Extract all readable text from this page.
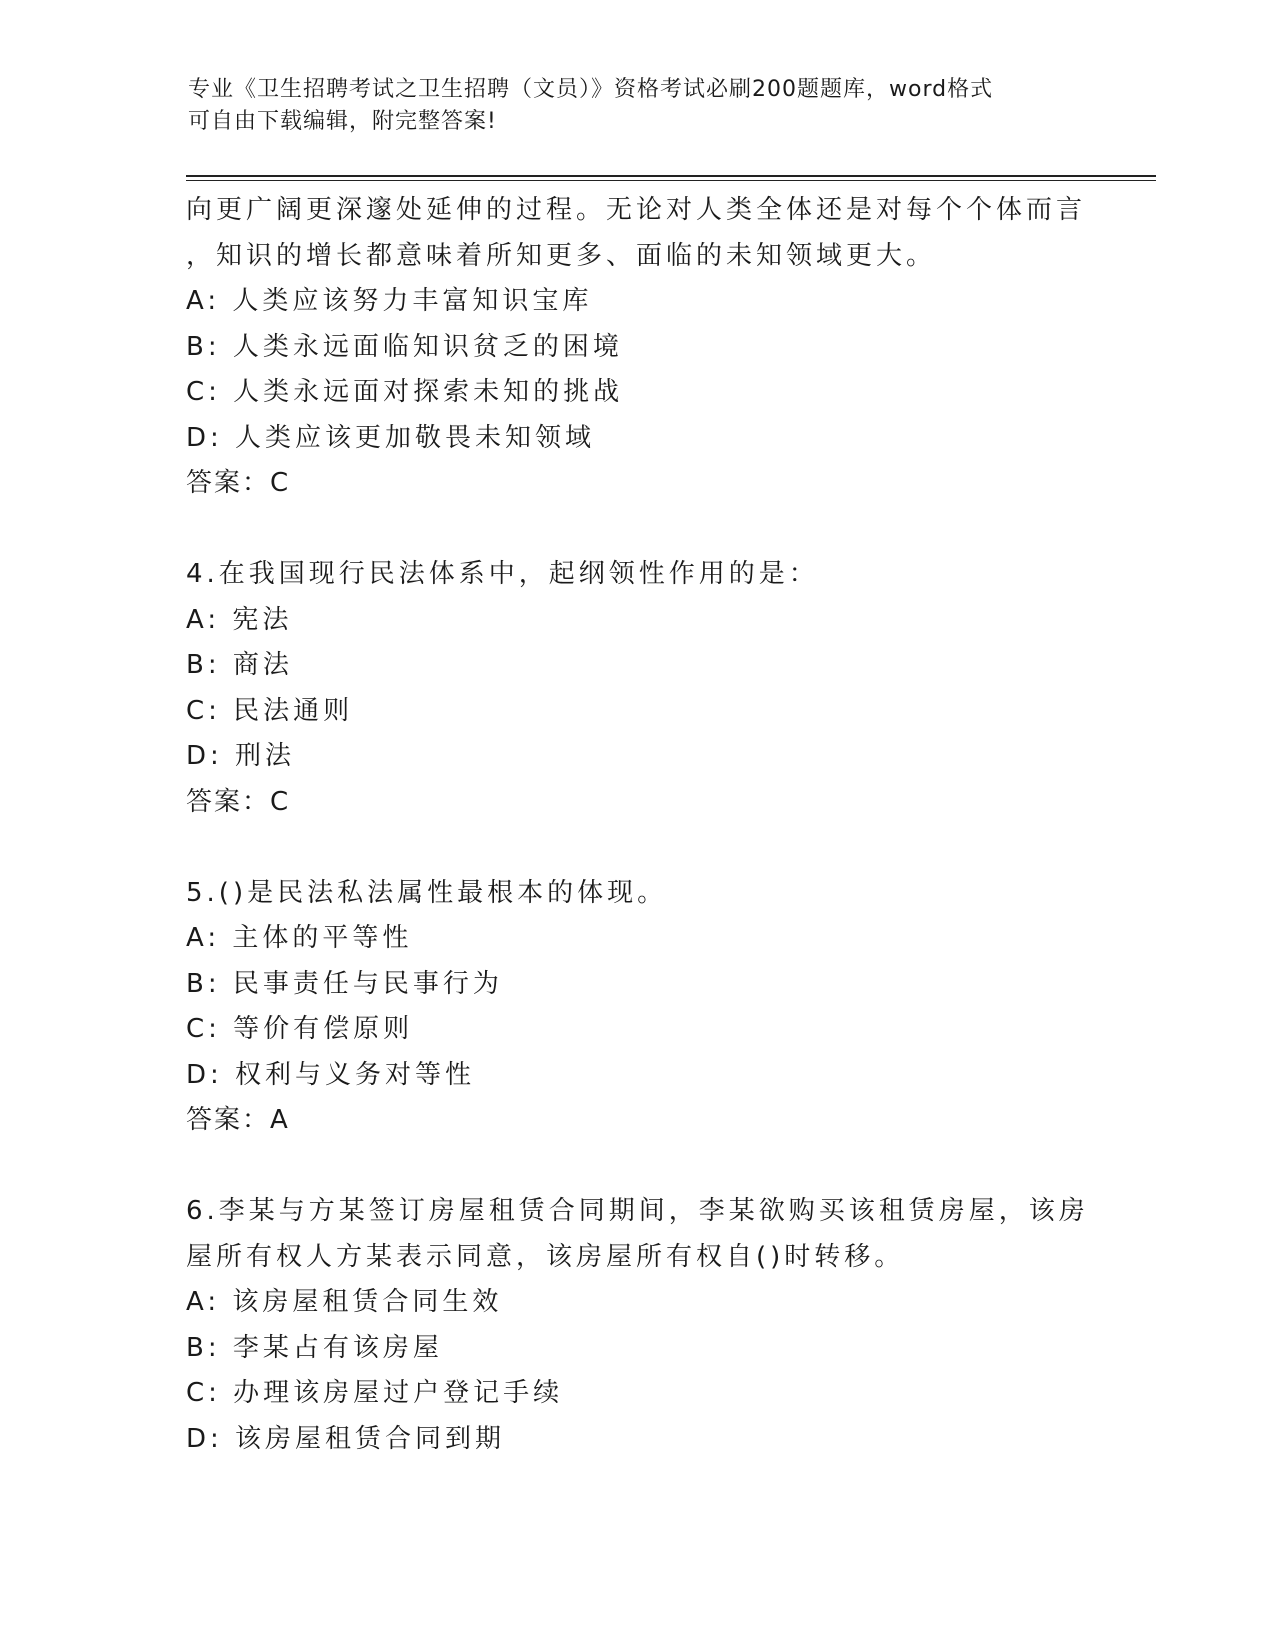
专业《卫生招聘考试之卫生招聘（文员）》资格考试必刷200题题库，word格式
可自由下载编辑，附完整答案!
向更广阔更深邃处延伸的过程。无论对人类全体还是对每个个体而言
，知识的增长都意味着所知更多、面临的未知领域更大。
A: 人类应该努力丰富知识宝库
B: 人类永远面临知识贫乏的困境
C: 人类永远面对探索未知的挑战
D: 人类应该更加敬畏未知领域
答案：C
4.在我国现行民法体系中，起纲领性作用的是：
A: 宪法
B: 商法
C: 民法通则
D: 刑法
答案：C
5.()是民法私法属性最根本的体现。
A: 主体的平等性
B: 民事责任与民事行为
C: 等价有偿原则
D: 权利与义务对等性
答案：A
6.李某与方某签订房屋租赁合同期间，李某欲购买该租赁房屋，该房
屋所有权人方某表示同意，该房屋所有权自()时转移。
A: 该房屋租赁合同生效
B: 李某占有该房屋
C: 办理该房屋过户登记手续
D: 该房屋租赁合同到期
